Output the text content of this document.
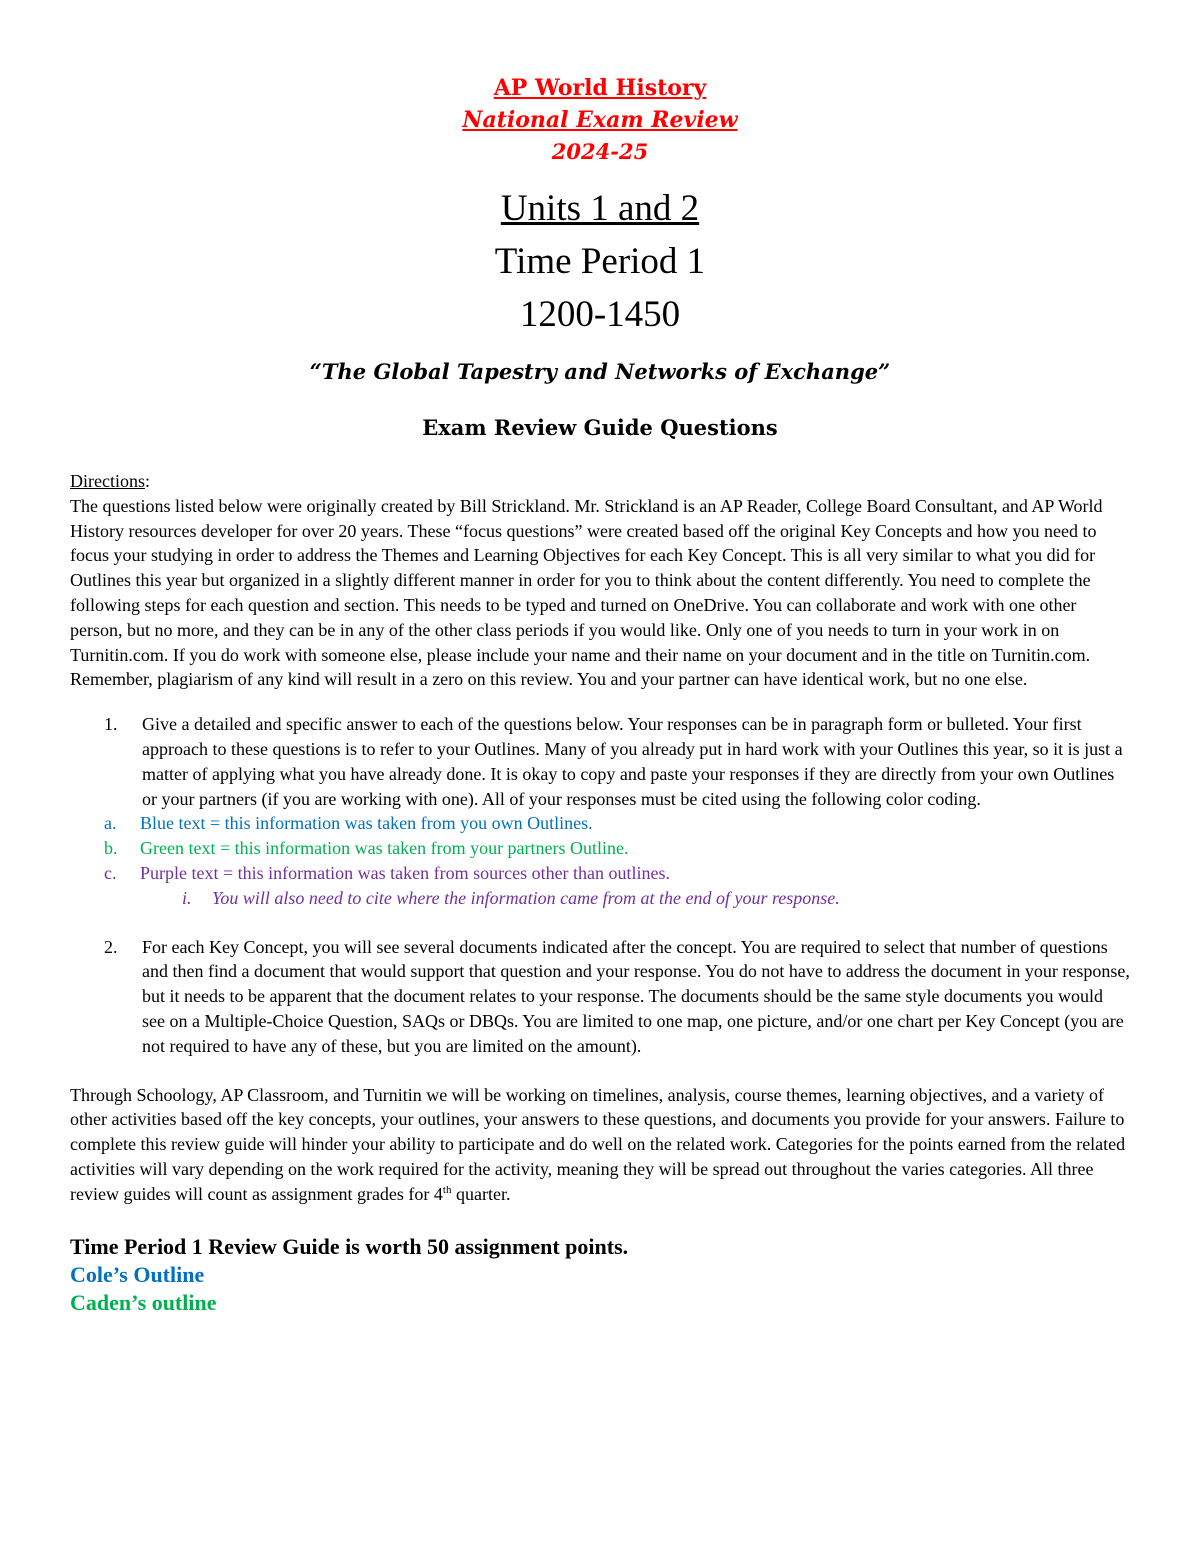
AP World History
National Exam Review
2024-25
Units 1 and 2
Time Period 1
1200-1450
“The Global Tapestry and Networks of Exchange”
Exam Review Guide Questions
Directions:
The questions listed below were originally created by Bill Strickland. Mr. Strickland is an AP Reader, College Board Consultant, and AP World History resources developer for over 20 years. These “focus questions” were created based off the original Key Concepts and how you need to focus your studying in order to address the Themes and Learning Objectives for each Key Concept. This is all very similar to what you did for Outlines this year but organized in a slightly different manner in order for you to think about the content differently. You need to complete the following steps for each question and section. This needs to be typed and turned on OneDrive. You can collaborate and work with one other person, but no more, and they can be in any of the other class periods if you would like. Only one of you needs to turn in your work in on Turnitin.com. If you do work with someone else, please include your name and their name on your document and in the title on Turnitin.com. Remember, plagiarism of any kind will result in a zero on this review. You and your partner can have identical work, but no one else.
1. Give a detailed and specific answer to each of the questions below. Your responses can be in paragraph form or bulleted. Your first approach to these questions is to refer to your Outlines. Many of you already put in hard work with your Outlines this year, so it is just a matter of applying what you have already done. It is okay to copy and paste your responses if they are directly from your own Outlines or your partners (if you are working with one). All of your responses must be cited using the following color coding.
a. Blue text = this information was taken from you own Outlines.
b. Green text = this information was taken from your partners Outline.
c. Purple text = this information was taken from sources other than outlines.
i. You will also need to cite where the information came from at the end of your response.
2. For each Key Concept, you will see several documents indicated after the concept. You are required to select that number of questions and then find a document that would support that question and your response. You do not have to address the document in your response, but it needs to be apparent that the document relates to your response. The documents should be the same style documents you would see on a Multiple-Choice Question, SAQs or DBQs. You are limited to one map, one picture, and/or one chart per Key Concept (you are not required to have any of these, but you are limited on the amount).
Through Schoology, AP Classroom, and Turnitin we will be working on timelines, analysis, course themes, learning objectives, and a variety of other activities based off the key concepts, your outlines, your answers to these questions, and documents you provide for your answers. Failure to complete this review guide will hinder your ability to participate and do well on the related work. Categories for the points earned from the related activities will vary depending on the work required for the activity, meaning they will be spread out throughout the varies categories. All three review guides will count as assignment grades for 4th quarter.
Time Period 1 Review Guide is worth 50 assignment points.
Cole’s Outline
Caden’s outline
